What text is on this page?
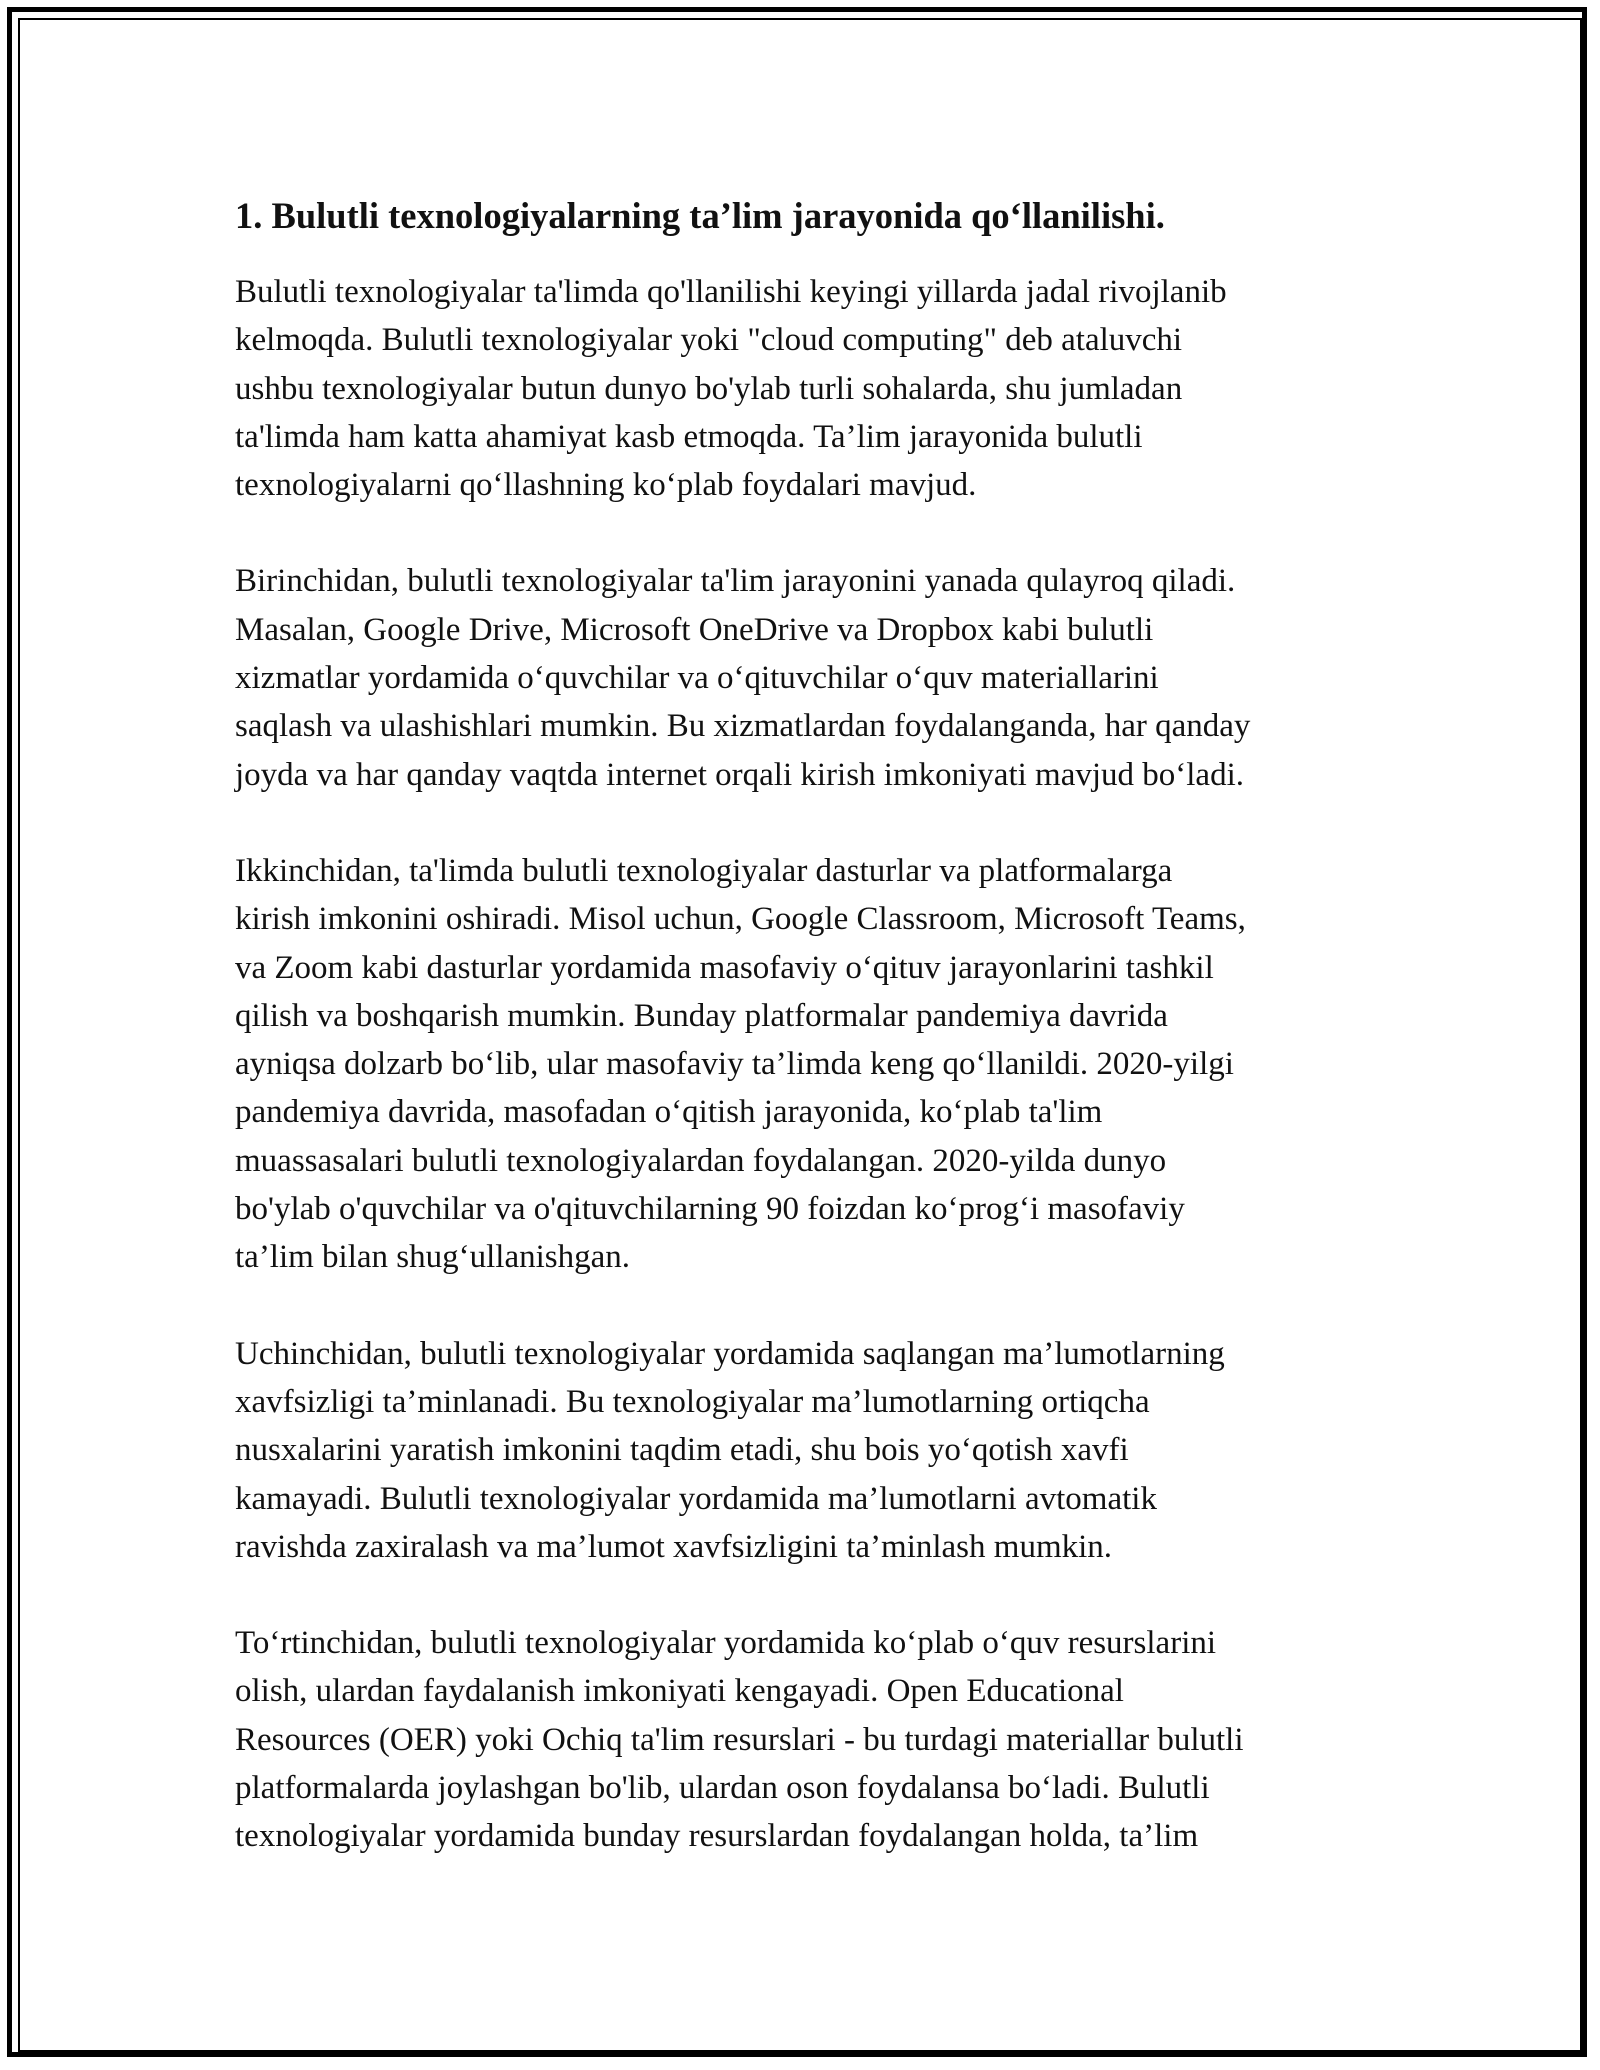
1. Bulutli texnologiyalarning ta’lim jarayonida qo‘llanilishi.

Bulutli texnologiyalar ta'limda qo'llanilishi keyingi yillarda jadal rivojlanib
kelmoqda. Bulutli texnologiyalar yoki "cloud computing" deb ataluvchi
ushbu texnologiyalar butun dunyo bo'ylab turli sohalarda, shu jumladan
ta'limda ham katta ahamiyat kasb etmoqda. Ta’lim jarayonida bulutli
texnologiyalarni qo‘llashning ko‘plab foydalari mavjud.

Birinchidan, bulutli texnologiyalar ta'lim jarayonini yanada qulayroq qiladi.
Masalan, Google Drive, Microsoft OneDrive va Dropbox kabi bulutli
xizmatlar yordamida o‘quvchilar va o‘qituvchilar o‘quv materiallarini
saqlash va ulashishlari mumkin. Bu xizmatlardan foydalanganda, har qanday
joyda va har qanday vaqtda internet orqali kirish imkoniyati mavjud bo‘ladi.

Ikkinchidan, ta'limda bulutli texnologiyalar dasturlar va platformalarga
kirish imkonini oshiradi. Misol uchun, Google Classroom, Microsoft Teams,
va Zoom kabi dasturlar yordamida masofaviy o‘qituv jarayonlarini tashkil
qilish va boshqarish mumkin. Bunday platformalar pandemiya davrida
ayniqsa dolzarb bo‘lib, ular masofaviy ta’limda keng qo‘llanildi. 2020-yilgi
pandemiya davrida, masofadan o‘qitish jarayonida, ko‘plab ta'lim
muassasalari bulutli texnologiyalardan foydalangan. 2020-yilda dunyo
bo'ylab o'quvchilar va o'qituvchilarning 90 foizdan ko‘prog‘i masofaviy
ta’lim bilan shug‘ullanishgan.

Uchinchidan, bulutli texnologiyalar yordamida saqlangan ma’lumotlarning
xavfsizligi ta’minlanadi. Bu texnologiyalar ma’lumotlarning ortiqcha
nusxalarini yaratish imkonini taqdim etadi, shu bois yo‘qotish xavfi
kamayadi. Bulutli texnologiyalar yordamida ma’lumotlarni avtomatik
ravishda zaxiralash va ma’lumot xavfsizligini ta’minlash mumkin.

To‘rtinchidan, bulutli texnologiyalar yordamida ko‘plab o‘quv resurslarini
olish, ulardan faydalanish imkoniyati kengayadi. Open Educational
Resources (OER) yoki Ochiq ta'lim resurslari - bu turdagi materiallar bulutli
platformalarda joylashgan bo'lib, ulardan oson foydalansa bo‘ladi. Bulutli
texnologiyalar yordamida bunday resurslardan foydalangan holda, ta’lim
